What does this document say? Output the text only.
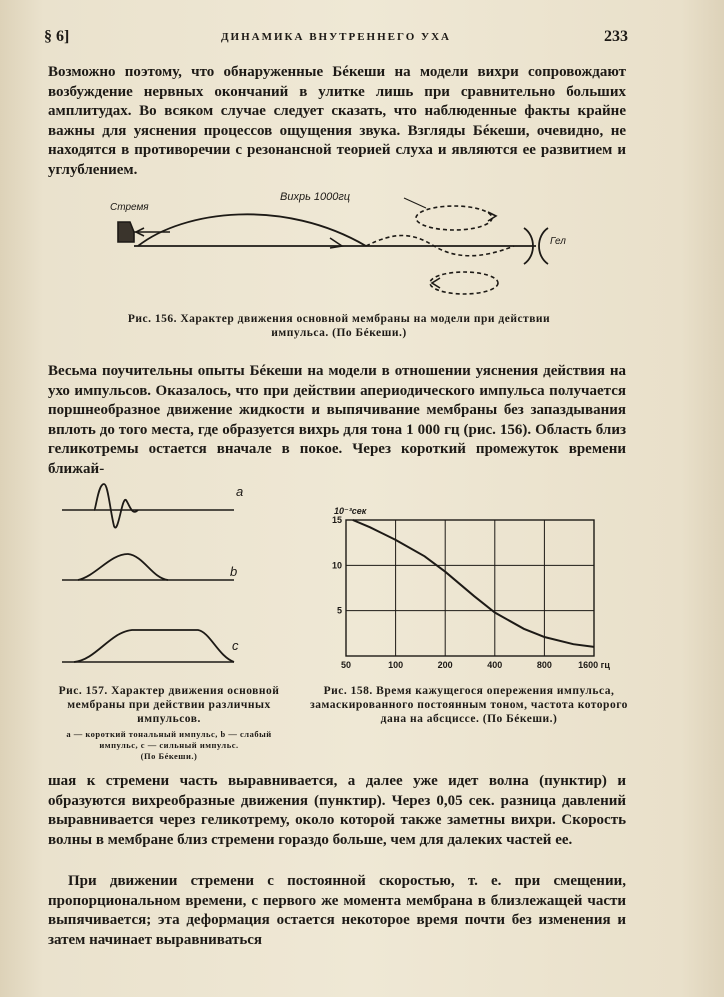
§ 6]	ДИНАМИКА ВНУТРЕННЕГО УХА	233

Возможно поэтому, что обнаруженные Бéкеши на модели вихри сопровождают возбуждение нервных окончаний в улитке лишь при сравнительно больших амплитудах. Во всяком случае следует сказать, что наблюденные факты крайне важны для уяснения процессов ощущения звука. Взгляды Бéкеши, очевидно, не находятся в противоречии с резонансной теорией слуха и являются ее развитием и углублением.

Стремя
Вихрь 1000гц
Гел
Рис. 156. Характер движения основной мембраны на модели при действии импульса. (По Бéкеши.)

Весьма поучительны опыты Бéкеши на модели в отношении уяснения действия на ухо импульсов. Оказалось, что при действии апериодического импульса получается поршнеобразное движение жидкости и выпячивание мембраны без запаздывания вплоть до того места, где образуется вихрь для тона 1 000 гц (рис. 156). Область близ геликотремы остается вначале в покое. Через короткий промежуток времени ближай-

a
b
c
Рис. 157. Характер движения основной мембраны при действии различных импульсов.
a — короткий тональный импульс, b — слабый импульс, c — сильный импульс.
(По Бéкеши.)
50	100	200	400	800	1600 гц
5
10
15
10⁻³сек
Рис. 158. Время кажущегося опережения импульса, замаскированного постоянным тоном, частота которого дана на абсциссе. (По Бéкеши.)

шая к стремени часть выравнивается, а далее уже идет волна (пунктир) и образуются вихреобразные движения (пунктир). Через 0,05 сек. разница давлений выравнивается через геликотрему, около которой также заметны вихри. Скорость волны в мембране близ стремени гораздо больше, чем для далеких частей ее.

При движении стремени с постоянной скоростью, т. е. при смещении, пропорциональном времени, с первого же момента мембрана в близлежащей части выпячивается; эта деформация остается некоторое время почти без изменения и затем начинает выравниваться
